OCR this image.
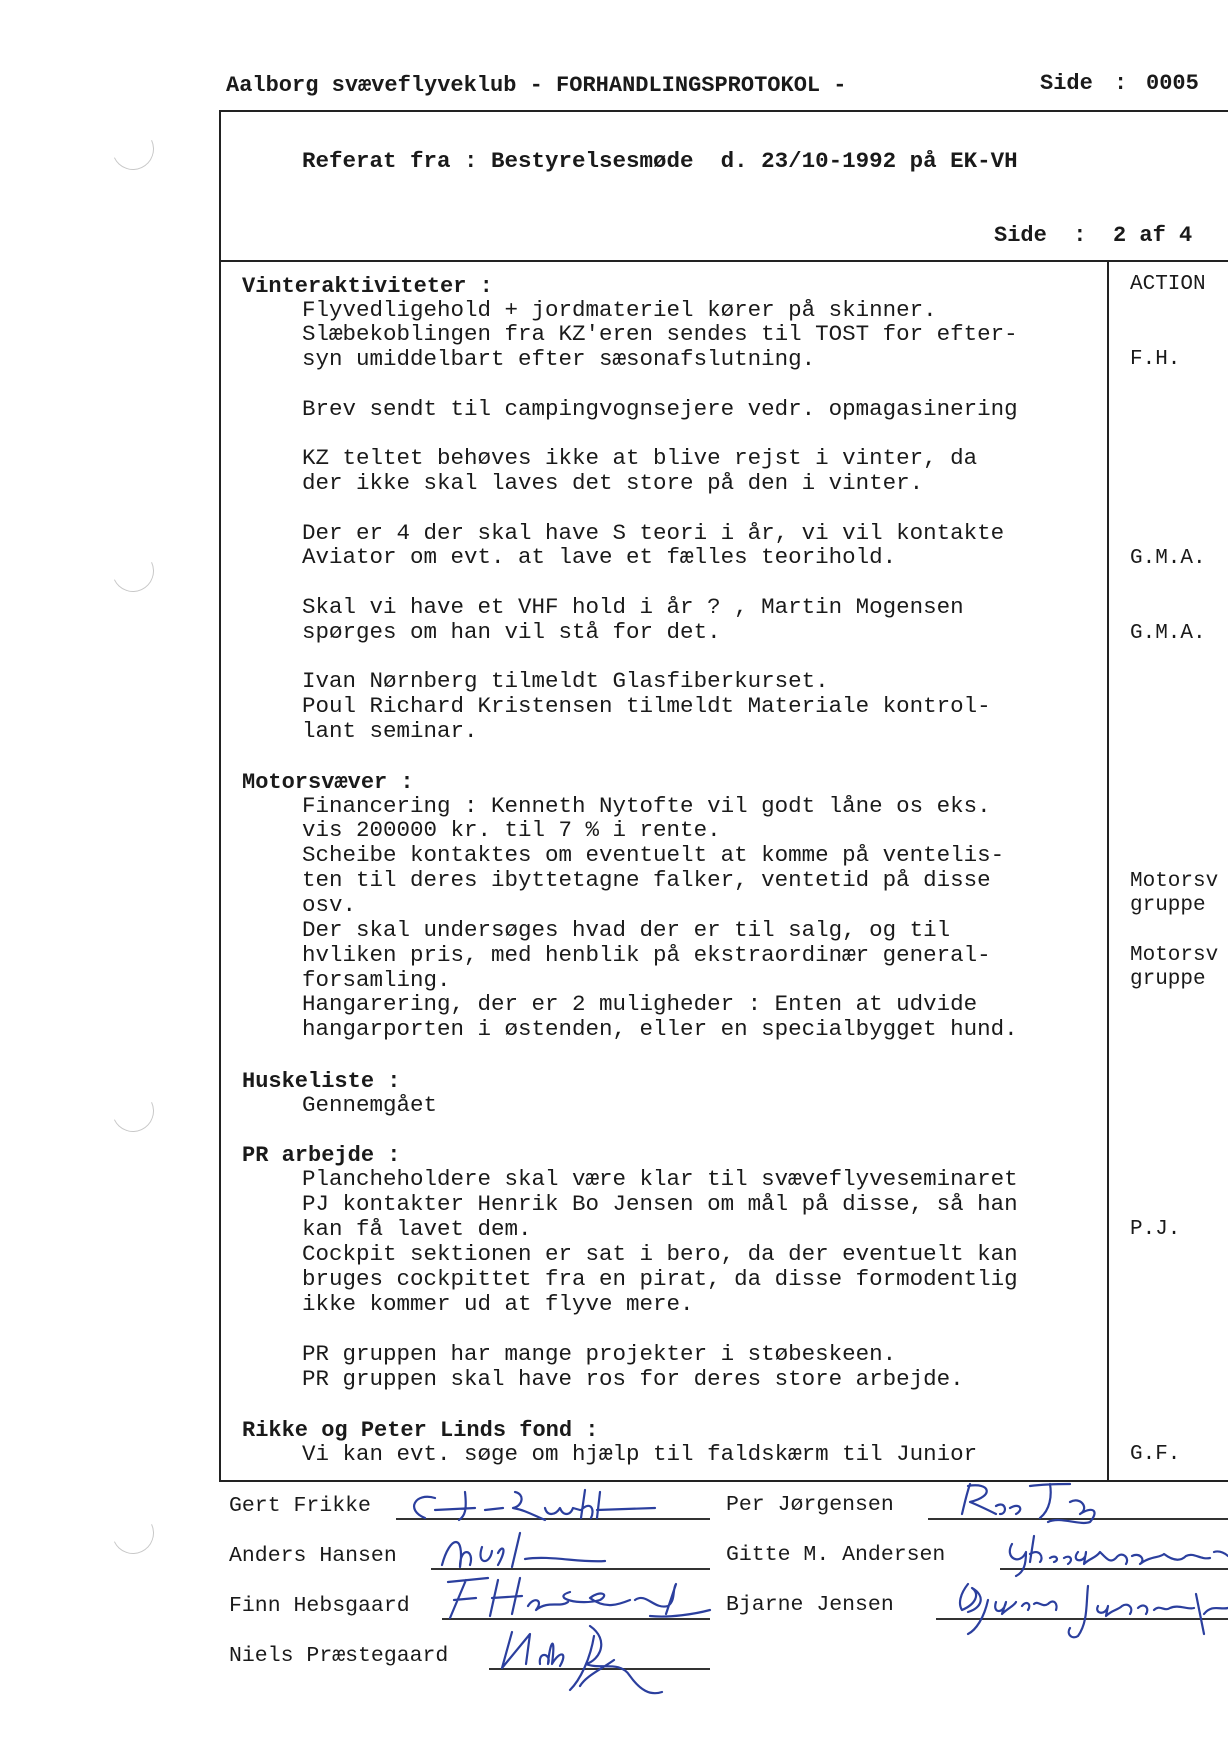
Aalborg svæveflyveklub - FORHANDLINGSPROTOKOL -	Side : 0005
Referat fra : Bestyrelsesmøde  d. 23/10-1992 på EK-VH
Side  : 2 af 4
ACTION
Vinteraktiviteter :
Flyvedligehold + jordmateriel kører på skinner.
Slæbekoblingen fra KZ'eren sendes til TOST for efter-
syn umiddelbart efter sæsonafslutning.
Brev sendt til campingvognsejere vedr. opmagasinering
KZ teltet behøves ikke at blive rejst i vinter, da
der ikke skal laves det store på den i vinter.
Der er 4 der skal have S teori i år, vi vil kontakte
Aviator om evt. at lave et fælles teorihold.
Skal vi have et VHF hold i år ? , Martin Mogensen
spørges om han vil stå for det.
Ivan Nørnberg tilmeldt Glasfiberkurset.
Poul Richard Kristensen tilmeldt Materiale kontrol-
lant seminar.
Motorsvæver :
Financering : Kenneth Nytofte vil godt låne os eks.
vis 200000 kr. til 7 % i rente.
Scheibe kontaktes om eventuelt at komme på ventelis-
ten til deres ibyttetagne falker, ventetid på disse
osv.
Der skal undersøges hvad der er til salg, og til
hvliken pris, med henblik på ekstraordinær general-
forsamling.
Hangarering, der er 2 muligheder : Enten at udvide
hangarporten i østenden, eller en specialbygget hund.
Huskeliste :
Gennemgået
PR arbejde :
Plancheholdere skal være klar til svæveflyveseminaret
PJ kontakter Henrik Bo Jensen om mål på disse, så han
kan få lavet dem.
Cockpit sektionen er sat i bero, da der eventuelt kan
bruges cockpittet fra en pirat, da disse formodentlig
ikke kommer ud at flyve mere.
PR gruppen har mange projekter i støbeskeen.
PR gruppen skal have ros for deres store arbejde.
Rikke og Peter Linds fond :
Vi kan evt. søge om hjælp til faldskærm til Junior
F.H.
G.M.A.
G.M.A.
Motorsv
gruppe
Motorsv
gruppe
P.J.
G.F.
Gert Frikke
Anders Hansen
Finn Hebsgaard
Niels Præstegaard
Per Jørgensen
Gitte M. Andersen
Bjarne Jensen
